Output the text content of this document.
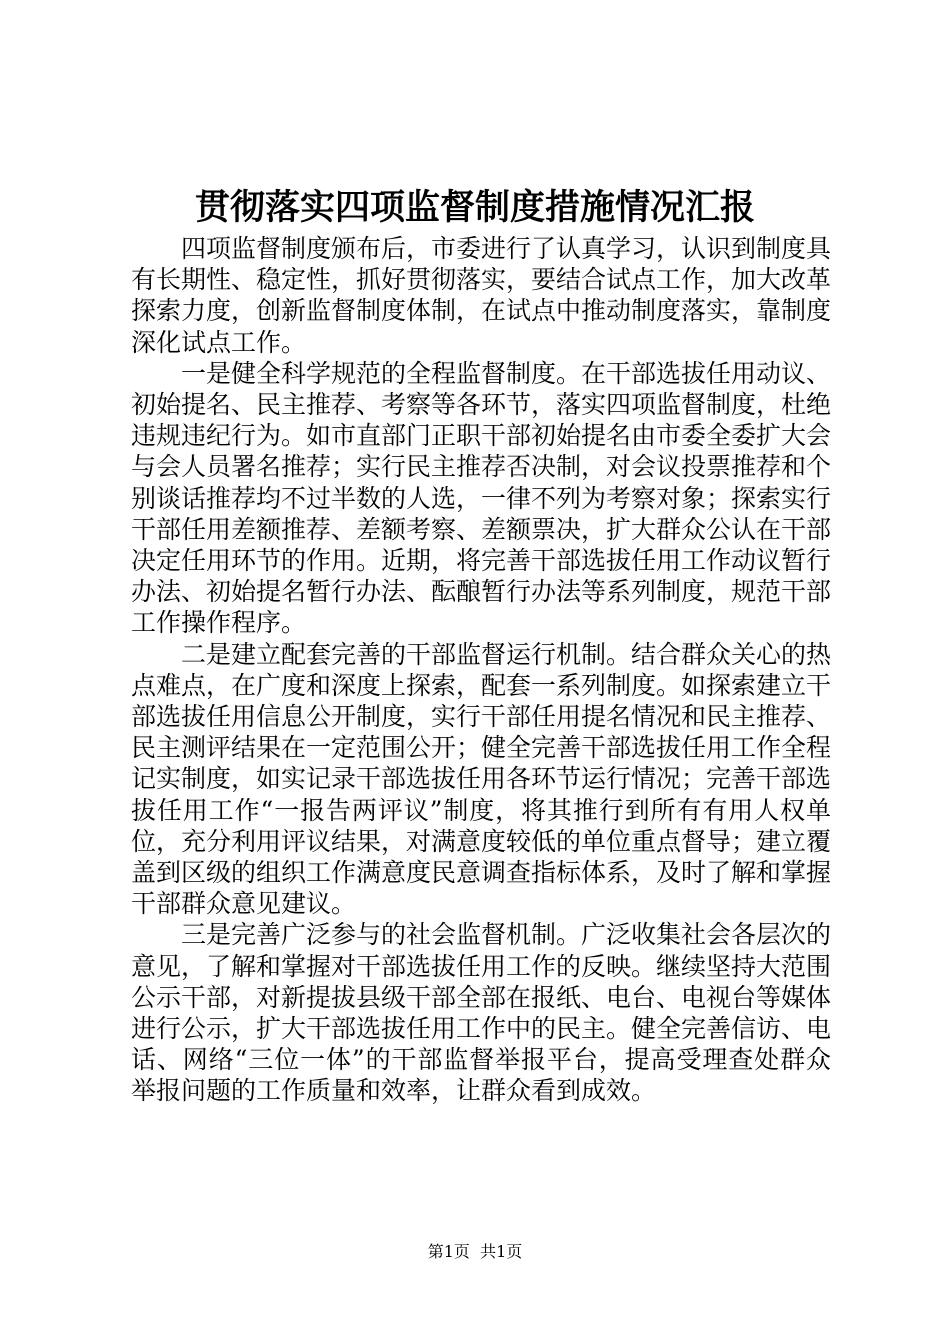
贯彻落实四项监督制度措施情况汇报

四项监督制度颁布后，市委进行了认真学习，认识到制度具有长期性、稳定性，抓好贯彻落实，要结合试点工作，加大改革探索力度，创新监督制度体制，在试点中推动制度落实，靠制度深化试点工作。

一是健全科学规范的全程监督制度。在干部选拔任用动议、初始提名、民主推荐、考察等各环节，落实四项监督制度，杜绝违规违纪行为。如市直部门正职干部初始提名由市委全委扩大会与会人员署名推荐；实行民主推荐否决制，对会议投票推荐和个别谈话推荐均不过半数的人选，一律不列为考察对象；探索实行干部任用差额推荐、差额考察、差额票决，扩大群众公认在干部决定任用环节的作用。近期，将完善干部选拔任用工作动议暂行办法、初始提名暂行办法、酝酿暂行办法等系列制度，规范干部工作操作程序。

二是建立配套完善的干部监督运行机制。结合群众关心的热点难点，在广度和深度上探索，配套一系列制度。如探索建立干部选拔任用信息公开制度，实行干部任用提名情况和民主推荐、民主测评结果在一定范围公开；健全完善干部选拔任用工作全程记实制度，如实记录干部选拔任用各环节运行情况；完善干部选拔任用工作“一报告两评议”制度，将其推行到所有有用人权单位，充分利用评议结果，对满意度较低的单位重点督导；建立覆盖到区级的组织工作满意度民意调查指标体系，及时了解和掌握干部群众意见建议。

三是完善广泛参与的社会监督机制。广泛收集社会各层次的意见，了解和掌握对干部选拔任用工作的反映。继续坚持大范围公示干部，对新提拔县级干部全部在报纸、电台、电视台等媒体进行公示，扩大干部选拔任用工作中的民主。健全完善信访、电话、网络“三位一体”的干部监督举报平台，提高受理查处群众举报问题的工作质量和效率，让群众看到成效。

第1页 共1页
